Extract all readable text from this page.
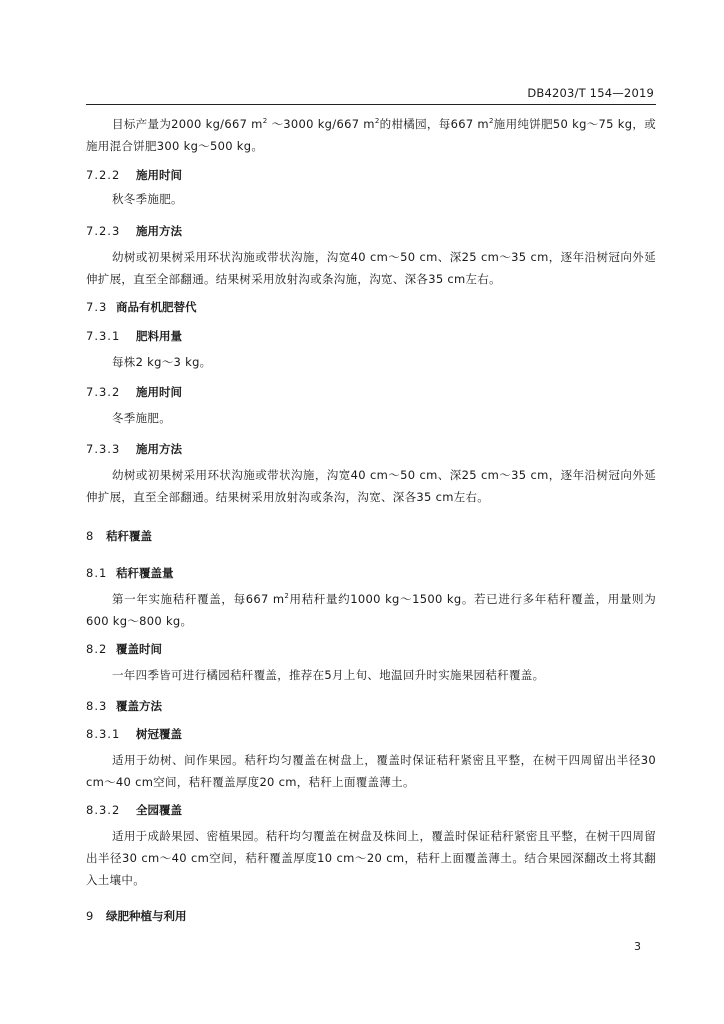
DB4203/T 154—2019

目标产量为2000 kg/667 $m^2$ ～3000 kg/667 $m^2$的柑橘园，每667 $m^2$施用纯饼肥50 kg～75 kg，或施用混合饼肥300 kg～500 kg。

7.2.2 施用时间

秋冬季施肥。

7.2.3 施用方法

幼树或初果树采用环状沟施或带状沟施，沟宽40 cm～50 cm、深25 cm～35 cm，逐年沿树冠向外延伸扩展，直至全部翻通。结果树采用放射沟或条沟施，沟宽、深各35 cm左右。

7.3 商品有机肥替代

7.3.1 肥料用量

每株2 kg～3 kg。

7.3.2 施用时间

冬季施肥。

7.3.3 施用方法

幼树或初果树采用环状沟施或带状沟施，沟宽40 cm～50 cm、深25 cm～35 cm，逐年沿树冠向外延伸扩展，直至全部翻通。结果树采用放射沟或条沟，沟宽、深各35 cm左右。

8 秸秆覆盖

8.1 秸秆覆盖量

第一年实施秸秆覆盖，每667 $m^2$用秸秆量约1000 kg～1500 kg。若已进行多年秸秆覆盖，用量则为600 kg～800 kg。

8.2 覆盖时间

一年四季皆可进行橘园秸秆覆盖，推荐在5月上旬、地温回升时实施果园秸秆覆盖。

8.3 覆盖方法

8.3.1 树冠覆盖

适用于幼树、间作果园。秸秆均匀覆盖在树盘上，覆盖时保证秸秆紧密且平整，在树干四周留出半径30 cm～40 cm空间，秸秆覆盖厚度20 cm，秸秆上面覆盖薄土。

8.3.2 全园覆盖

适用于成龄果园、密植果园。秸秆均匀覆盖在树盘及株间上，覆盖时保证秸秆紧密且平整，在树干四周留出半径30 cm～40 cm空间，秸秆覆盖厚度10 cm～20 cm，秸秆上面覆盖薄土。结合果园深翻改土将其翻入土壤中。

9 绿肥种植与利用

3
